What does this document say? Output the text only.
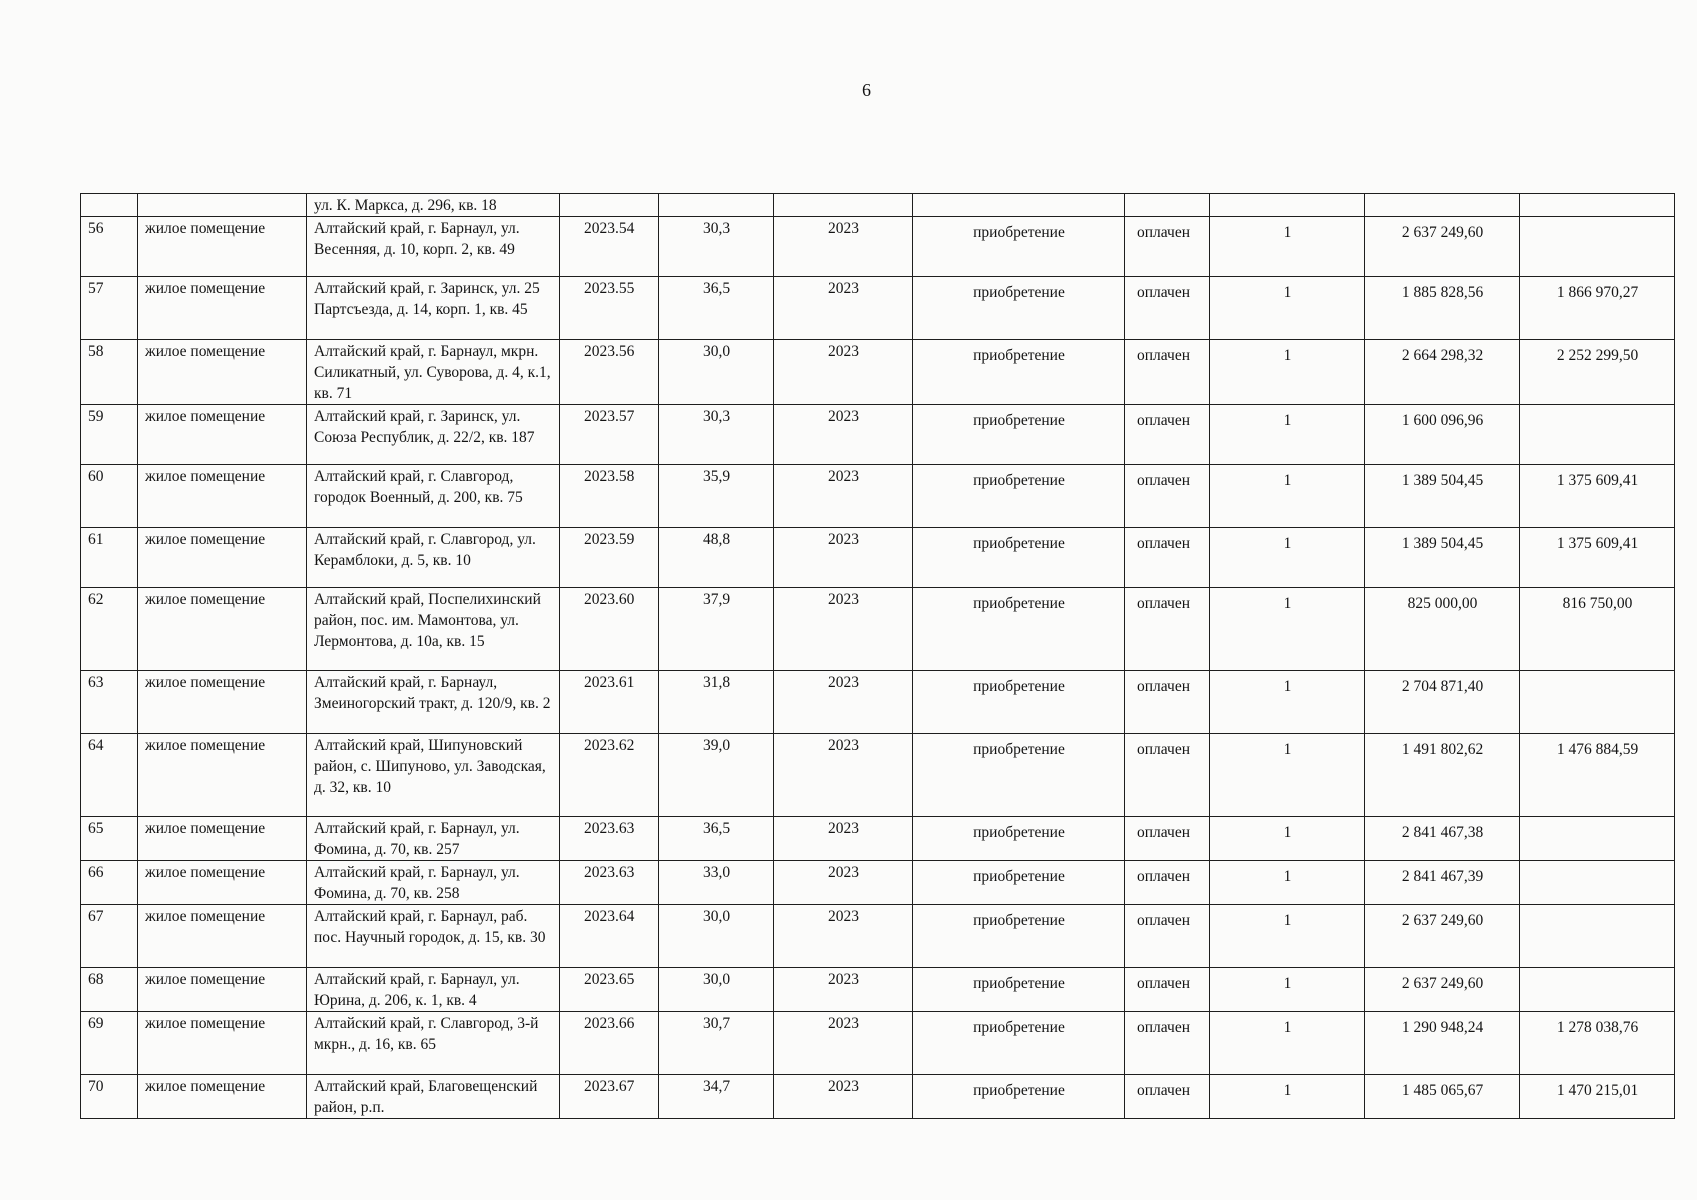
6
		ул. К. Маркса, д. 296, кв. 18								
56	жилое помещение	Алтайский край, г. Барнаул, ул. Весенняя, д. 10, корп. 2, кв. 49	2023.54	30,3	2023	приобретение	оплачен	1	2 637 249,60	
57	жилое помещение	Алтайский край, г. Заринск, ул. 25 Партсъезда, д. 14, корп. 1, кв. 45	2023.55	36,5	2023	приобретение	оплачен	1	1 885 828,56	1 866 970,27
58	жилое помещение	Алтайский край, г. Барнаул, мкрн. Силикатный, ул. Суворова, д. 4, к.1, кв. 71	2023.56	30,0	2023	приобретение	оплачен	1	2 664 298,32	2 252 299,50
59	жилое помещение	Алтайский край, г. Заринск, ул. Союза Республик, д. 22/2, кв. 187	2023.57	30,3	2023	приобретение	оплачен	1	1 600 096,96	
60	жилое помещение	Алтайский край, г. Славгород, городок Военный, д. 200, кв. 75	2023.58	35,9	2023	приобретение	оплачен	1	1 389 504,45	1 375 609,41
61	жилое помещение	Алтайский край, г. Славгород, ул. Керамблоки, д. 5, кв. 10	2023.59	48,8	2023	приобретение	оплачен	1	1 389 504,45	1 375 609,41
62	жилое помещение	Алтайский край, Поспелихинский район, пос. им. Мамонтова, ул. Лермонтова, д. 10а, кв. 15	2023.60	37,9	2023	приобретение	оплачен	1	825 000,00	816 750,00
63	жилое помещение	Алтайский край, г. Барнаул, Змеиногорский тракт, д. 120/9, кв. 2	2023.61	31,8	2023	приобретение	оплачен	1	2 704 871,40	
64	жилое помещение	Алтайский край, Шипуновский район, с. Шипуново, ул. Заводская, д. 32, кв. 10	2023.62	39,0	2023	приобретение	оплачен	1	1 491 802,62	1 476 884,59
65	жилое помещение	Алтайский край, г. Барнаул, ул. Фомина, д. 70, кв. 257	2023.63	36,5	2023	приобретение	оплачен	1	2 841 467,38	
66	жилое помещение	Алтайский край, г. Барнаул, ул. Фомина, д. 70, кв. 258	2023.63	33,0	2023	приобретение	оплачен	1	2 841 467,39	
67	жилое помещение	Алтайский край, г. Барнаул, раб. пос. Научный городок, д. 15, кв. 30	2023.64	30,0	2023	приобретение	оплачен	1	2 637 249,60	
68	жилое помещение	Алтайский край, г. Барнаул, ул. Юрина, д. 206, к. 1, кв. 4	2023.65	30,0	2023	приобретение	оплачен	1	2 637 249,60	
69	жилое помещение	Алтайский край, г. Славгород, 3-й мкрн., д. 16, кв. 65	2023.66	30,7	2023	приобретение	оплачен	1	1 290 948,24	1 278 038,76
70	жилое помещение	Алтайский край, Благовещенский район, р.п.	2023.67	34,7	2023	приобретение	оплачен	1	1 485 065,67	1 470 215,01
